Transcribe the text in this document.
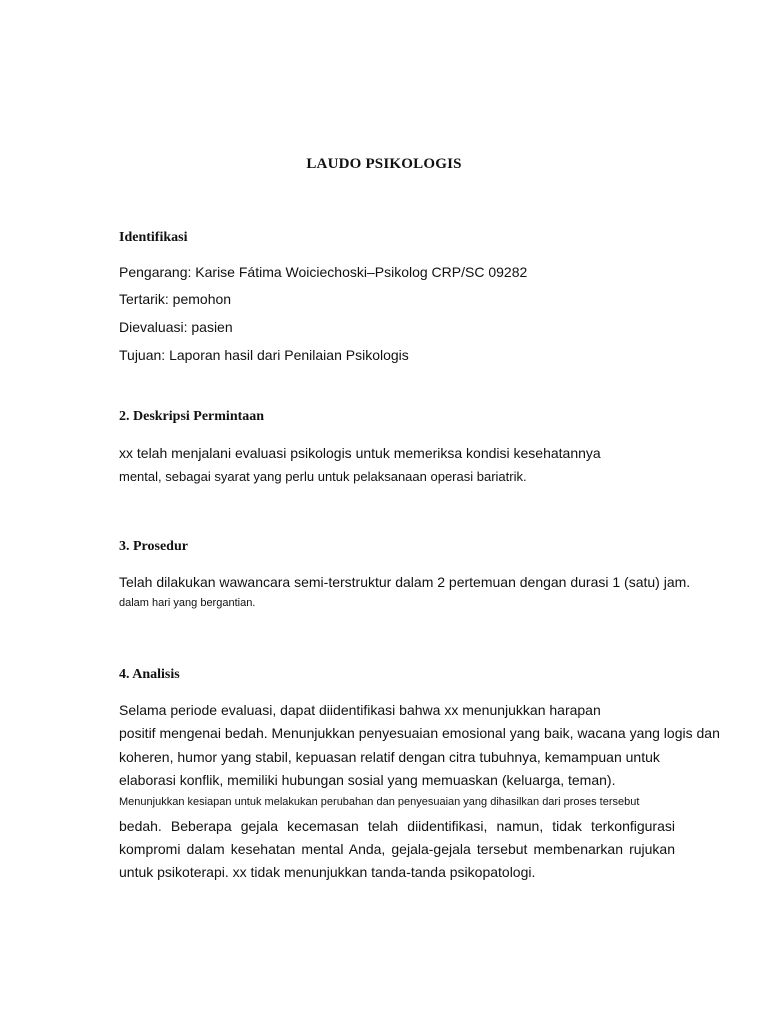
LAUDO PSIKOLOGIS
Identifikasi
Pengarang: Karise Fátima Woiciechoski–Psikolog CRP/SC 09282
Tertarik: pemohon
Dievaluasi: pasien
Tujuan: Laporan hasil dari Penilaian Psikologis
2. Deskripsi Permintaan
xx telah menjalani evaluasi psikologis untuk memeriksa kondisi kesehatannya
mental, sebagai syarat yang perlu untuk pelaksanaan operasi bariatrik.
3. Prosedur
Telah dilakukan wawancara semi-terstruktur dalam 2 pertemuan dengan durasi 1 (satu) jam.
dalam hari yang bergantian.
4. Analisis
Selama periode evaluasi, dapat diidentifikasi bahwa xx menunjukkan harapan
positif mengenai bedah. Menunjukkan penyesuaian emosional yang baik, wacana yang logis dan
koheren, humor yang stabil, kepuasan relatif dengan citra tubuhnya, kemampuan untuk
elaborasi konflik, memiliki hubungan sosial yang memuaskan (keluarga, teman).
Menunjukkan kesiapan untuk melakukan perubahan dan penyesuaian yang dihasilkan dari proses tersebut
bedah. Beberapa gejala kecemasan telah diidentifikasi, namun, tidak terkonfigurasi
kompromi dalam kesehatan mental Anda, gejala-gejala tersebut membenarkan rujukan
untuk psikoterapi. xx tidak menunjukkan tanda-tanda psikopatologi.
